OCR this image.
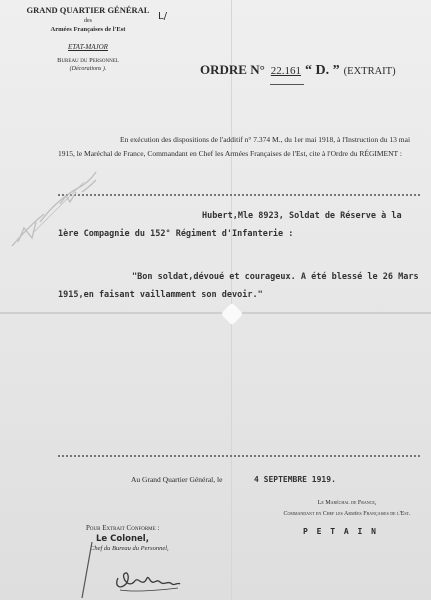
GRAND QUARTIER GÉNÉRAL
des
Armées Françaises de l'Est
ETAT-MAJOR
Bureau du Personnel
(Décorations ).
L/
ORDRE N° 22.161 “ D. ” (EXTRAIT)
En exécution des dispositions de l'additif n° 7.374 M., du 1er mai 1918, à l'Instruction du 13 mai 1915, le Maréchal de France, Commandant en Chef les Armées Françaises de l'Est, cite à l'Ordre du RÉGIMENT :
Hubert,Mle 8923, Soldat de Réserve à la
1ère Compagnie du 152° Régiment d'Infanterie :
"Bon soldat,dévoué et courageux. A été blessé le 26 Mars
1915,en faisant vaillamment son devoir."
Au Grand Quartier Général, le	4 SEPTEMBRE 1919.
Le Maréchal de France,
Commandant en Chef les Armées Françaises de l'Est.
P E T A I N
Pour Extrait Conforme :
Le Colonel,
Chef du Bureau du Personnel,
